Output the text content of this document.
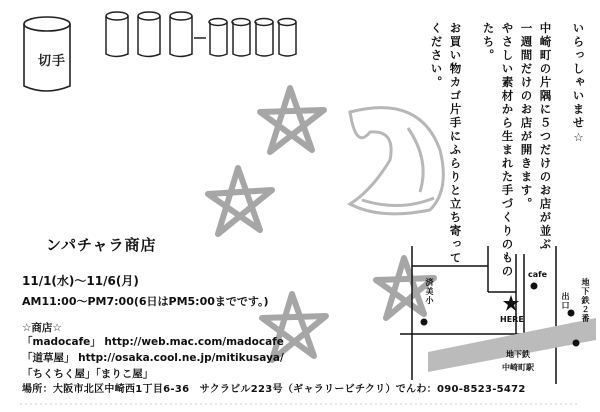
切手	いらっしゃいませ☆
中崎町の片隅に５つだけのお店が並ぶ
一週間だけのお店が開きます。
やさしい素材から生まれた手づくりのもの
たち。
お買い物カゴ片手にふらりと立ち寄って
ください。
ンパチャラ商店
11/1(水)～11/6(月)
AM11:00～PM7:00(6日はPM5:00までです。)
☆商店☆
「madocafe」 http://web.mac.com/madocafe
「道草屋」 http://osaka.cool.ne.jp/mitikusaya/
「ちくちく屋」「まりこ屋」
場所：大阪市北区中崎西1丁目6-36　サクラビル223号（ギャラリービチクリ）でんわ：090-8523-5472
済美小
cafe
HERE
出口 地下鉄２番
地下鉄
中崎町駅
